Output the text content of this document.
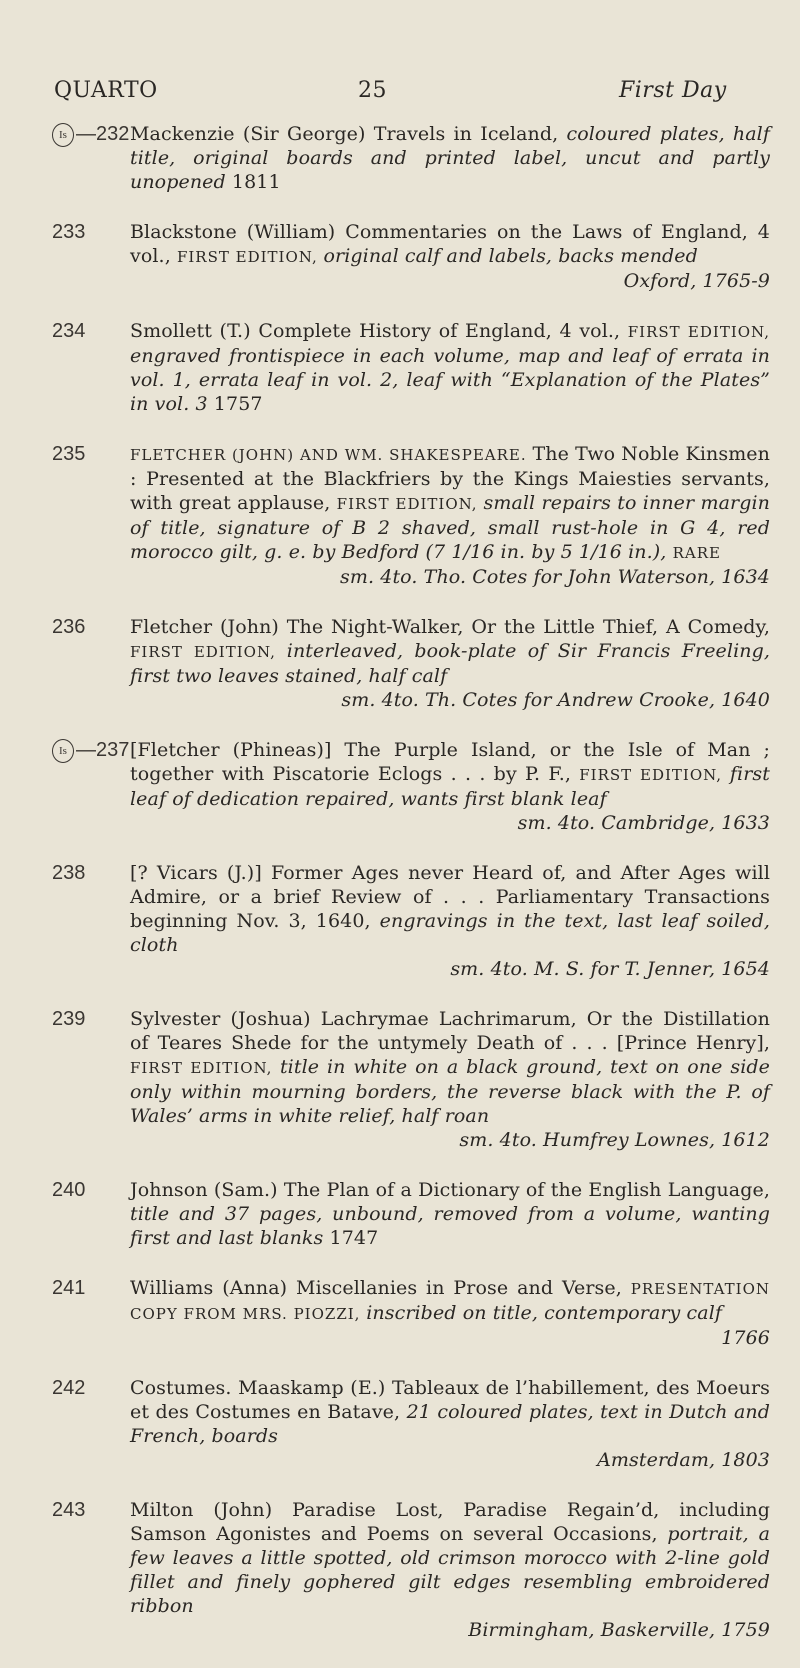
QUARTO	25	First Day
Is —232 Mackenzie (Sir George) Travels in Iceland, coloured plates, half title, original boards and printed label, uncut and partly unopened 1811
233	Blackstone (William) Commentaries on the Laws of England, 4 vol., FIRST EDITION, original calf and labels, backs mended
Oxford, 1765-9
234	Smollett (T.) Complete History of England, 4 vol., FIRST EDITION, engraved frontispiece in each volume, map and leaf of errata in vol. 1, errata leaf in vol. 2, leaf with “Explanation of the Plates” in vol. 3 1757
235	FLETCHER (JOHN) AND WM. SHAKESPEARE. The Two Noble Kinsmen : Presented at the Blackfriers by the Kings Maiesties servants, with great applause, FIRST EDITION, small repairs to inner margin of title, signature of B 2 shaved, small rust-hole in G 4, red morocco gilt, g. e. by Bedford (7 1/16 in. by 5 1/16 in.), RARE
sm. 4to. Tho. Cotes for John Waterson, 1634
236	Fletcher (John) The Night-Walker, Or the Little Thief, A Comedy, FIRST EDITION, interleaved, book-plate of Sir Francis Freeling, first two leaves stained, half calf
sm. 4to. Th. Cotes for Andrew Crooke, 1640
Is —237 [Fletcher (Phineas)] The Purple Island, or the Isle of Man ; together with Piscatorie Eclogs . . . by P. F., FIRST EDITION, first leaf of dedication repaired, wants first blank leaf
sm. 4to. Cambridge, 1633
238	[? Vicars (J.)] Former Ages never Heard of, and After Ages will Admire, or a brief Review of . . . Parliamentary Transactions beginning Nov. 3, 1640, engravings in the text, last leaf soiled, cloth
sm. 4to. M. S. for T. Jenner, 1654
239	Sylvester (Joshua) Lachrymae Lachrimarum, Or the Distillation of Teares Shede for the untymely Death of . . . [Prince Henry], FIRST EDITION, title in white on a black ground, text on one side only within mourning borders, the reverse black with the P. of Wales’ arms in white relief, half roan
sm. 4to. Humfrey Lownes, 1612
240	Johnson (Sam.) The Plan of a Dictionary of the English Language, title and 37 pages, unbound, removed from a volume, wanting first and last blanks 1747
241	Williams (Anna) Miscellanies in Prose and Verse, PRESENTATION COPY FROM MRS. PIOZZI, inscribed on title, contemporary calf
1766
242	Costumes. Maaskamp (E.) Tableaux de l’habillement, des Moeurs et des Costumes en Batave, 21 coloured plates, text in Dutch and French, boards
Amsterdam, 1803
243	Milton (John) Paradise Lost, Paradise Regain’d, including Samson Agonistes and Poems on several Occasions, portrait, a few leaves a little spotted, old crimson morocco with 2-line gold fillet and finely gophered gilt edges resembling embroidered ribbon
Birmingham, Baskerville, 1759
